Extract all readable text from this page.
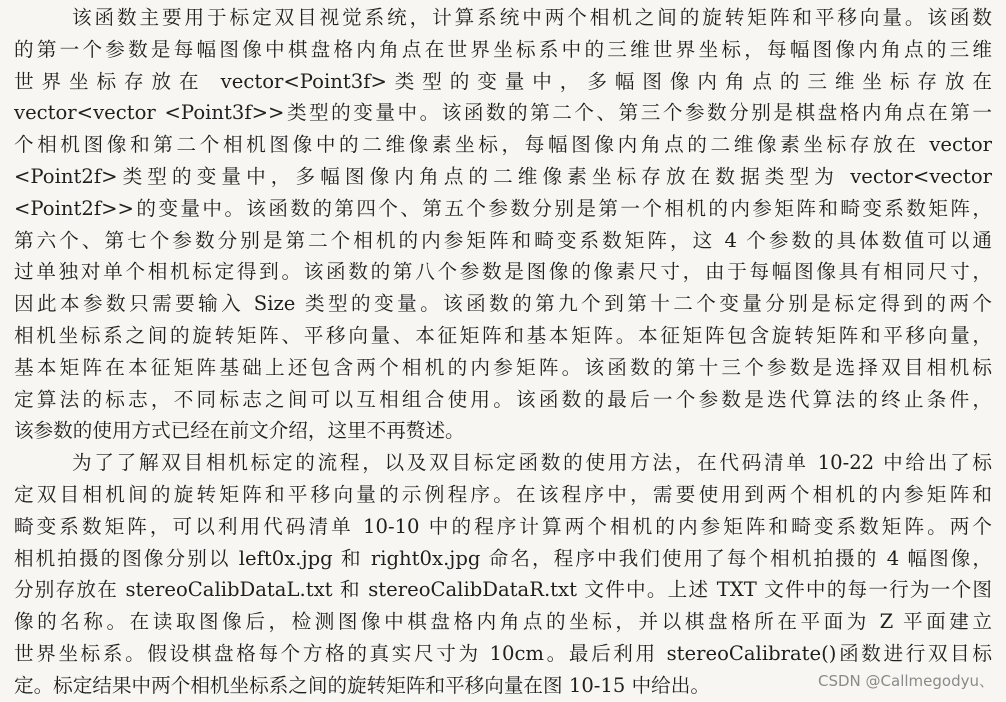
该函数主要用于标定双目视觉系统，计算系统中两个相机之间的旋转矩阵和平移向量。该函数
的第一个参数是每幅图像中棋盘格内角点在世界坐标系中的三维世界坐标，每幅图像内角点的三维
世界坐标存放在 vector<Point3f>类型的变量中，多幅图像内角点的三维坐标存放在
vector<vector <Point3f>>类型的变量中。该函数的第二个、第三个参数分别是棋盘格内角点在第一
个相机图像和第二个相机图像中的二维像素坐标，每幅图像内角点的二维像素坐标存放在 vector
<Point2f>类型的变量中，多幅图像内角点的二维像素坐标存放在数据类型为 vector<vector
<Point2f>>的变量中。该函数的第四个、第五个参数分别是第一个相机的内参矩阵和畸变系数矩阵，
第六个、第七个参数分别是第二个相机的内参矩阵和畸变系数矩阵，这 4 个参数的具体数值可以通
过单独对单个相机标定得到。该函数的第八个参数是图像的像素尺寸，由于每幅图像具有相同尺寸，
因此本参数只需要输入 Size 类型的变量。该函数的第九个到第十二个变量分别是标定得到的两个
相机坐标系之间的旋转矩阵、平移向量、本征矩阵和基本矩阵。本征矩阵包含旋转矩阵和平移向量，
基本矩阵在本征矩阵基础上还包含两个相机的内参矩阵。该函数的第十三个参数是选择双目相机标
定算法的标志，不同标志之间可以互相组合使用。该函数的最后一个参数是迭代算法的终止条件，
该参数的使用方式已经在前文介绍，这里不再赘述。
为了了解双目相机标定的流程，以及双目标定函数的使用方法，在代码清单 10-22 中给出了标
定双目相机间的旋转矩阵和平移向量的示例程序。在该程序中，需要使用到两个相机的内参矩阵和
畸变系数矩阵，可以利用代码清单 10-10 中的程序计算两个相机的内参矩阵和畸变系数矩阵。两个
相机拍摄的图像分别以 left0x.jpg 和 right0x.jpg 命名，程序中我们使用了每个相机拍摄的 4 幅图像，
分别存放在 stereoCalibDataL.txt 和 stereoCalibDataR.txt 文件中。上述 TXT 文件中的每一行为一个图
像的名称。在读取图像后，检测图像中棋盘格内角点的坐标，并以棋盘格所在平面为 Z 平面建立
世界坐标系。假设棋盘格每个方格的真实尺寸为 10cm。最后利用 stereoCalibrate()函数进行双目标
定。标定结果中两个相机坐标系之间的旋转矩阵和平移向量在图 10-15 中给出。	CSDN @Callmegodyu、
